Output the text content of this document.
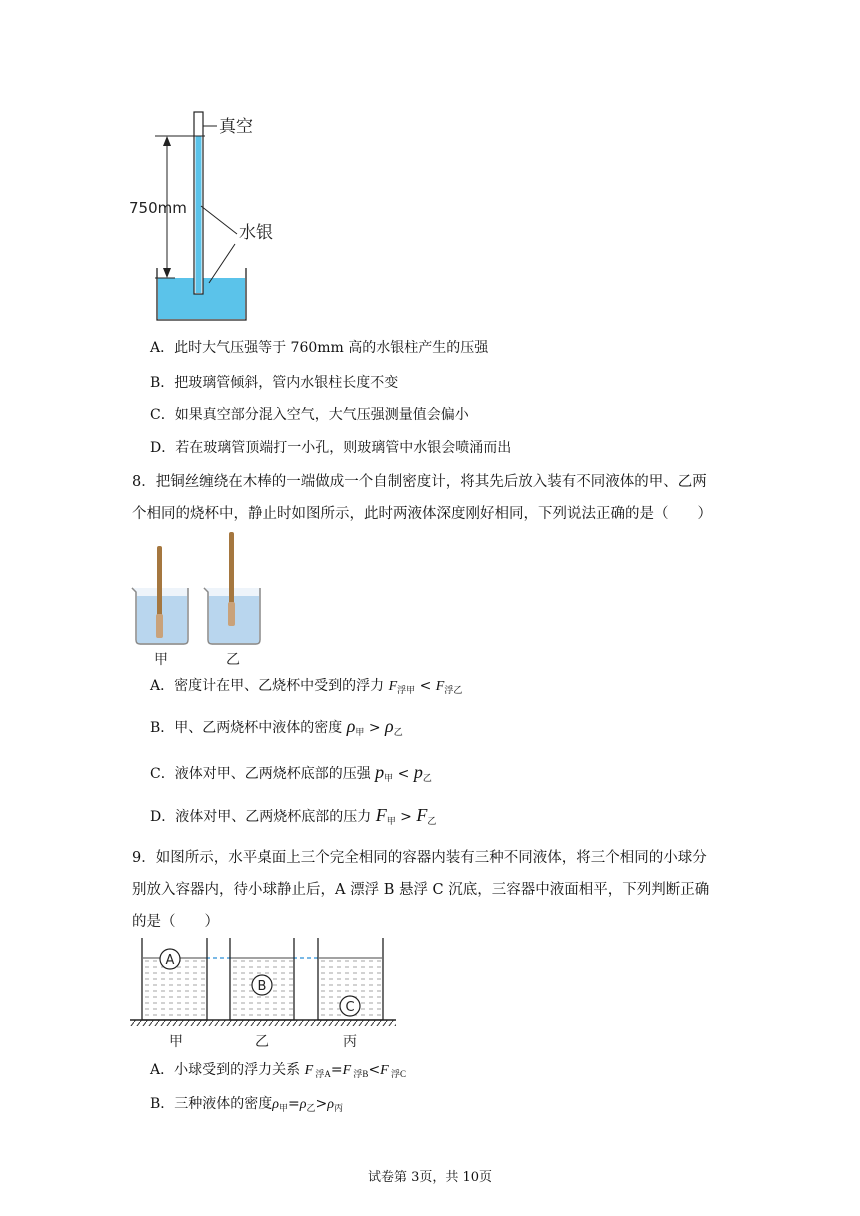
真空
750mm
水银
A．此时大气压强等于 760mm 高的水银柱产生的压强
B．把玻璃管倾斜，管内水银柱长度不变
C．如果真空部分混入空气，大气压强测量值会偏小
D．若在玻璃管顶端打一小孔，则玻璃管中水银会喷涌而出
8．把铜丝缠绕在木棒的一端做成一个自制密度计，将其先后放入装有不同液体的甲、乙两
个相同的烧杯中，静止时如图所示，此时两液体深度刚好相同，下列说法正确的是（　　）
甲	乙
A．密度计在甲、乙烧杯中受到的浮力 $F_{浮甲} < F_{浮乙}$
B．甲、乙两烧杯中液体的密度 $\rho_甲 > \rho_乙$
C．液体对甲、乙两烧杯底部的压强 $p_甲 < p_乙$
D．液体对甲、乙两烧杯底部的压力 $F_甲 > F_乙$
9．如图所示，水平桌面上三个完全相同的容器内装有三种不同液体，将三个相同的小球分
别放入容器内，待小球静止后，A 漂浮 B 悬浮 C 沉底，三容器中液面相平，下列判断正确
的是（　　）
A
B
C
甲	乙	丙
A．小球受到的浮力关系 F $_{浮A}$=F $_{浮B}$<F $_{浮C}$
B．三种液体的密度$\rho_甲=\rho_乙>\rho_丙$
试卷第 3页，共 10页
